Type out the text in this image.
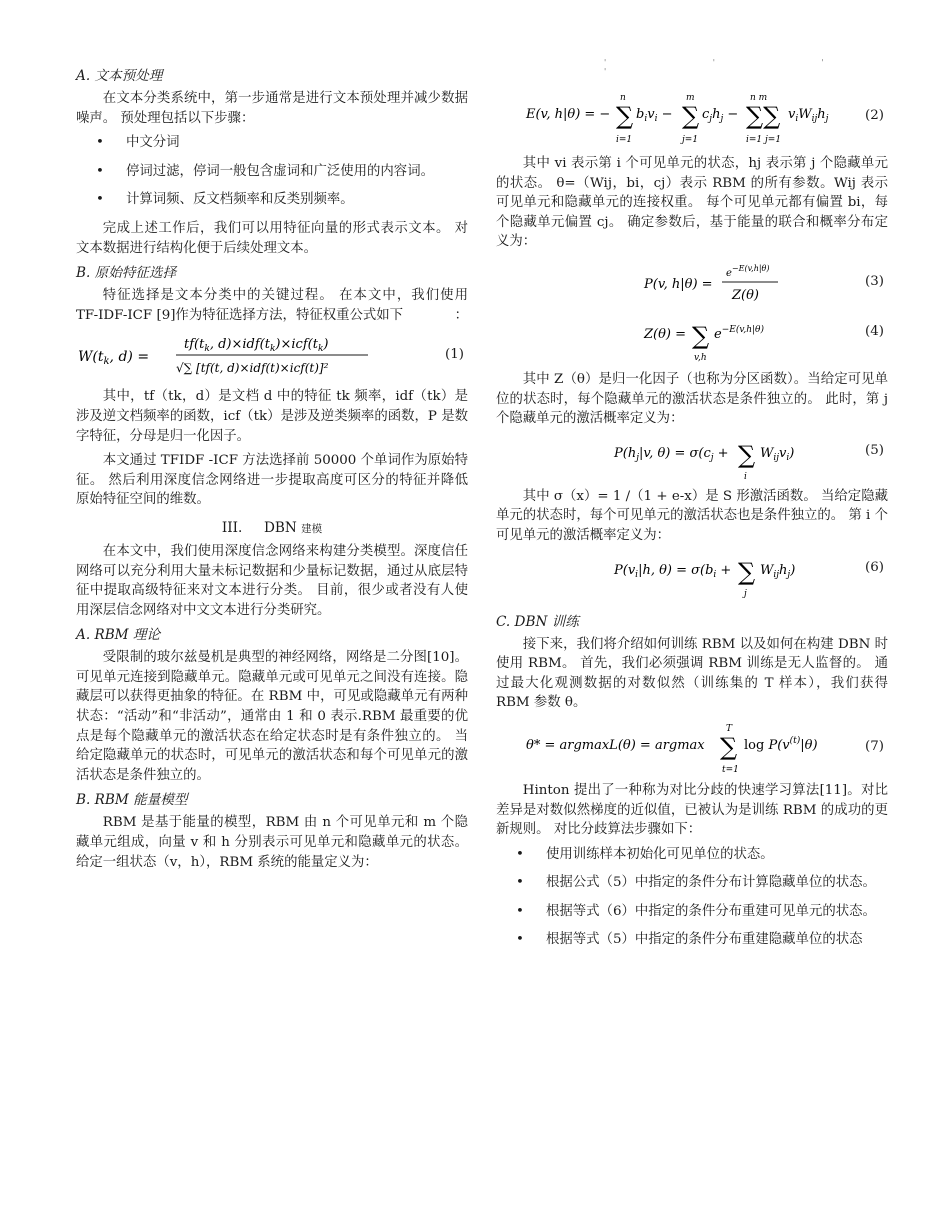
' ' ' '
A. 文本预处理

在文本分类系统中，第一步通常是进行文本预处理并减少数据噪声。 预处理包括以下步骤：

• 中文分词
• 停词过滤，停词一般包含虚词和广泛使用的内容词。
• 计算词频、反文档频率和反类别频率。

完成上述工作后，我们可以用特征向量的形式表示文本。 对文本数据进行结构化便于后续处理文本。

B. 原始特征选择

特征选择是文本分类中的关键过程。 在本文中，我们使用 TF-IDF-ICF [9]作为特征选择方法，特征权重公式如下	：

$W(t_k$, d) =
$tf(t_k$, $d)\times idf(t_k)\times icf(t_k)$
√∑ [tf(t, d)×idf(t)×icf(t)]²
(1)

其中，tf（tk，d）是文档 d 中的特征 tk 频率，idf（tk）是涉及逆文档频率的函数，icf（tk）是涉及逆类频率的函数，P 是数字特征，分母是归一化因子。

本文通过 TFIDF -ICF 方法选择前 50000 个单词作为原始特征。 然后利用深度信念网络进一步提取高度可区分的特征并降低原始特征空间的维数。

III. DBN 建模

在本文中，我们使用深度信念网络来构建分类模型。深度信任网络可以充分利用大量未标记数据和少量标记数据，通过从底层特征中提取高级特征来对文本进行分类。 目前，很少或者没有人使用深层信念网络对中文文本进行分类研究。

A. RBM 理论

受限制的玻尔兹曼机是典型的神经网络，网络是二分图[10]。 可见单元连接到隐藏单元。隐藏单元或可见单元之间没有连接。隐藏层可以获得更抽象的特征。在 RBM 中，可见或隐藏单元有两种状态：“活动”和“非活动”，通常由 1 和 0 表示.RBM 最重要的优点是每个隐藏单元的激活状态在给定状态时是有条件独立的。 当给定隐藏单元的状态时，可见单元的激活状态和每个可见单元的激活状态是条件独立的。

B. RBM 能量模型

RBM 是基于能量的模型，RBM 由 n 个可见单元和 m 个隐藏单元组成，向量 v 和 h 分别表示可见单元和隐藏单元的状态。 给定一组状态（v，h），RBM 系统的能量定义为：

E(v, h|θ) = − ∑
n
i=1
$b_iv_i$ − ∑
m
j=1
$c_jh_j$ − ∑∑
n m
i=1 j=1
$v_iW_{ij}h_j$	(2)

其中 vi 表示第 i 个可见单元的状态，hj 表示第 j 个隐藏单元的状态。 θ=（Wij，bi，cj）表示 RBM 的所有参数。Wij 表示可见单元和隐藏单元的连接权重。 每个可见单元都有偏置 bi，每个隐藏单元偏置 cj。 确定参数后，基于能量的联合和概率分布定义为：

P(v, h|θ) =
$e^{-E(v,h|\theta)}$
Z(θ)
(3)
Z(θ) = ∑
v,h
$e^{-E(v,h|\theta)}$	(4)

其中 Z（θ）是归一化因子（也称为分区函数）。当给定可见单位的状态时，每个隐藏单元的激活状态是条件独立的。 此时，第 j 个隐藏单元的激活概率定义为：

$P(h_j|v$, $\theta) = \sigma(c_j$ + ∑
i
$W_{ij}v_i$)	(5)

其中 σ（x）= 1 /（1 + e-x）是 S 形激活函数。 当给定隐藏单元的状态时，每个可见单元的激活状态也是条件独立的。 第 i 个可见单元的激活概率定义为：

$P(v_i|h$, $\theta) = \sigma(b_i$ + ∑
j
$W_{ij}h_j$)	(6)
C. DBN 训练

接下来，我们将介绍如何训练 RBM 以及如何在构建 DBN 时使用 RBM。 首先，我们必须强调 RBM 训练是无人监督的。 通过最大化观测数据的对数似然（训练集的 T 样本），我们获得 RBM 参数 θ。

θ* = argmaxL(θ) = argmax ∑
T
t=1
$\log P(v^{(t)}|\theta)$	(7)

Hinton 提出了一种称为对比分歧的快速学习算法[11]。对比差异是对数似然梯度的近似值，已被认为是训练 RBM 的成功的更新规则。 对比分歧算法步骤如下：

• 使用训练样本初始化可见单位的状态。
• 根据公式（5）中指定的条件分布计算隐藏单位的状态。
• 根据等式（6）中指定的条件分布重建可见单元的状态。
• 根据等式（5）中指定的条件分布重建隐藏单位的状态
